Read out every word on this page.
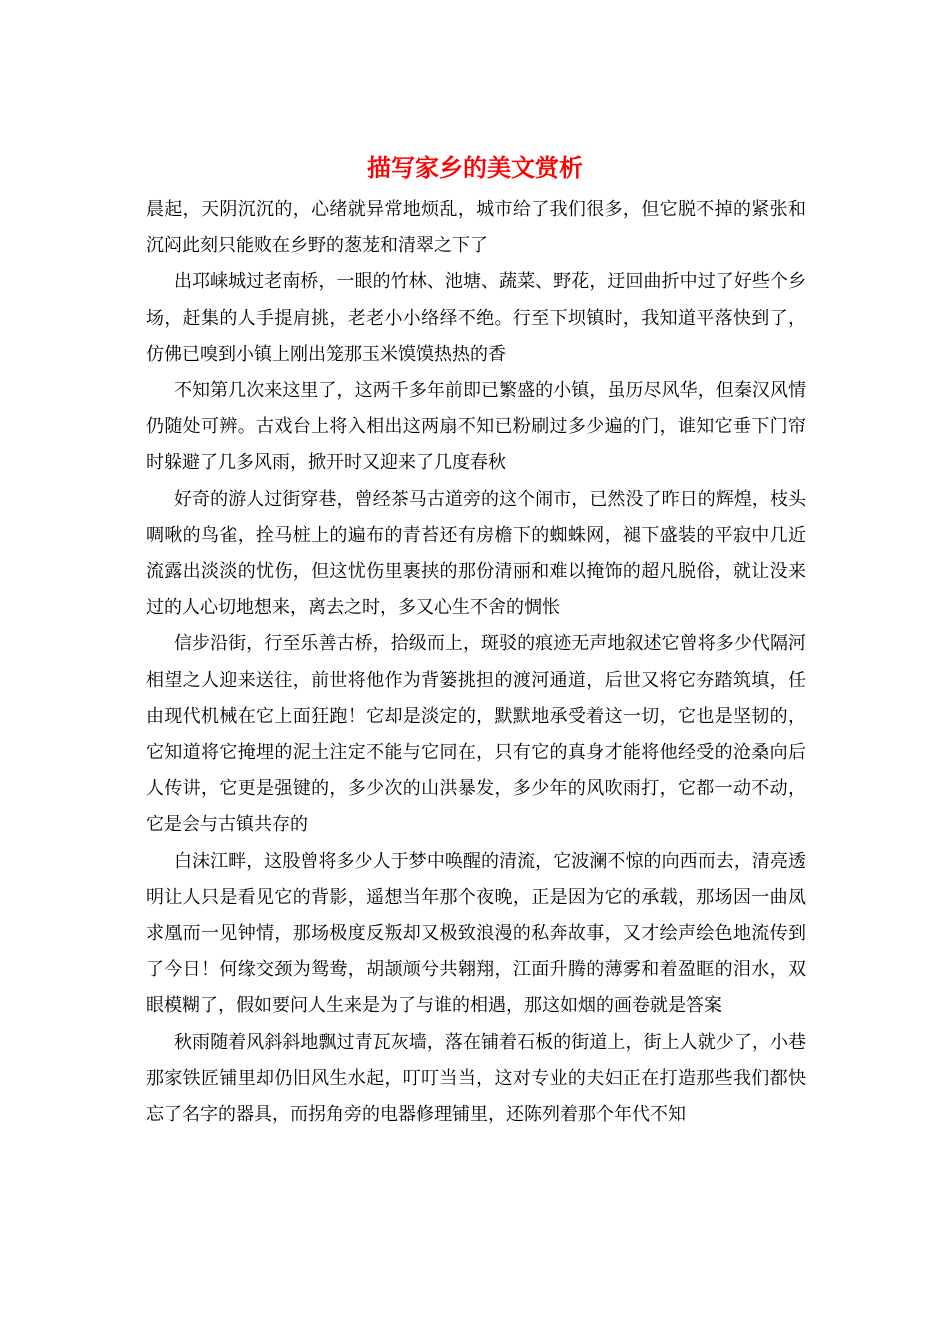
描写家乡的美文赏析

晨起，天阴沉沉的，心绪就异常地烦乱，城市给了我们很多，但它脱不掉的紧张和沉闷此刻只能败在乡野的葱茏和清翠之下了

出邛崃城过老南桥，一眼的竹林、池塘、蔬菜、野花，迂回曲折中过了好些个乡场，赶集的人手提肩挑，老老小小络绎不绝。行至下坝镇时，我知道平落快到了，仿佛已嗅到小镇上刚出笼那玉米馍馍热热的香

不知第几次来这里了，这两千多年前即已繁盛的小镇，虽历尽风华，但秦汉风情仍随处可辨。古戏台上将入相出这两扇不知已粉刷过多少遍的门，谁知它垂下门帘时躲避了几多风雨，掀开时又迎来了几度春秋

好奇的游人过街穿巷，曾经茶马古道旁的这个闹市，已然没了昨日的辉煌，枝头啁啾的鸟雀，拴马桩上的遍布的青苔还有房檐下的蜘蛛网，褪下盛装的平寂中几近流露出淡淡的忧伤，但这忧伤里裹挟的那份清丽和难以掩饰的超凡脱俗，就让没来过的人心切地想来，离去之时，多又心生不舍的惆怅

信步沿街，行至乐善古桥，拾级而上，斑驳的痕迹无声地叙述它曾将多少代隔河相望之人迎来送往，前世将他作为背篓挑担的渡河通道，后世又将它夯踏筑填，任由现代机械在它上面狂跑！它却是淡定的，默默地承受着这一切，它也是坚韧的，它知道将它掩埋的泥土注定不能与它同在，只有它的真身才能将他经受的沧桑向后人传讲，它更是强键的，多少次的山洪暴发，多少年的风吹雨打，它都一动不动，它是会与古镇共存的

白沫江畔，这股曾将多少人于梦中唤醒的清流，它波澜不惊的向西而去，清亮透明让人只是看见它的背影，遥想当年那个夜晚，正是因为它的承载，那场因一曲凤求凰而一见钟情，那场极度反叛却又极致浪漫的私奔故事，又才绘声绘色地流传到了今日！何缘交颈为鸳鸯，胡颉颃兮共翱翔，江面升腾的薄雾和着盈眶的泪水，双眼模糊了，假如要问人生来是为了与谁的相遇，那这如烟的画卷就是答案

秋雨随着风斜斜地飘过青瓦灰墙，落在铺着石板的街道上，街上人就少了，小巷那家铁匠铺里却仍旧风生水起，叮叮当当，这对专业的夫妇正在打造那些我们都快忘了名字的器具，而拐角旁的电器修理铺里，还陈列着那个年代不知
